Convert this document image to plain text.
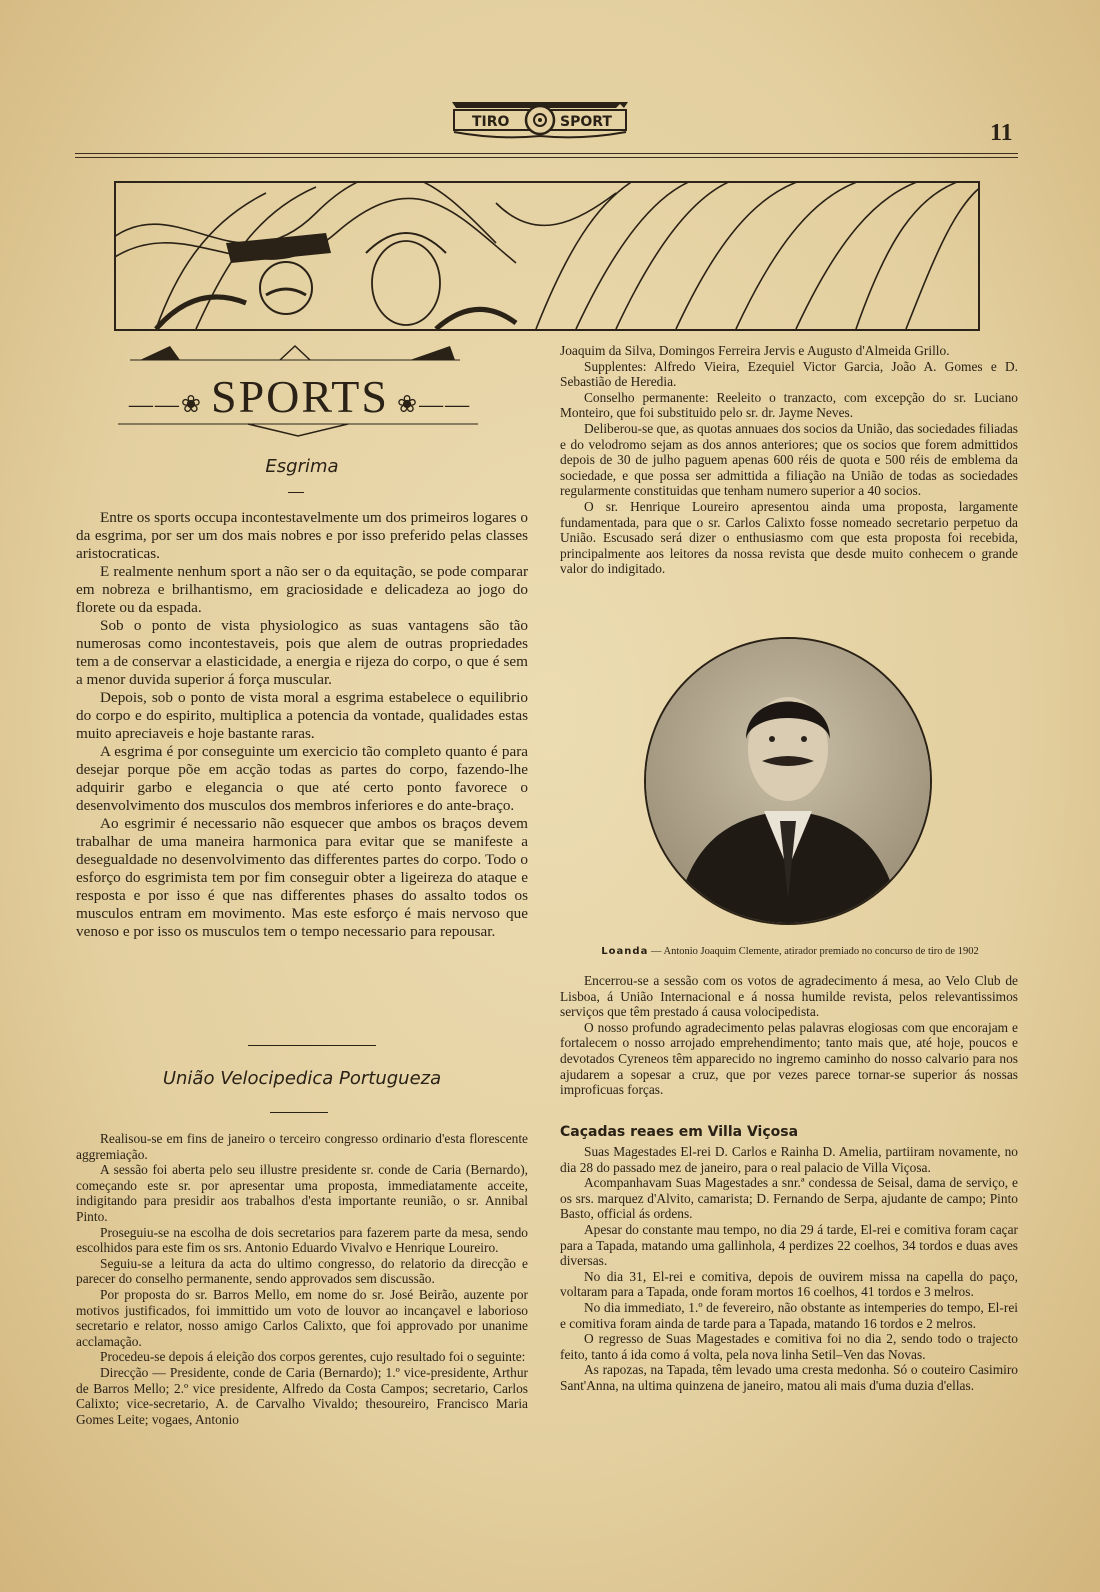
TIRO	SPORT	11
——❀ SPORTS ❀——
Esgrima

Entre os sports occupa incontestavelmente um dos primeiros logares o da esgrima, por ser um dos mais nobres e por isso preferido pelas classes aristocraticas.

E realmente nenhum sport a não ser o da equitação, se pode comparar em nobreza e brilhantismo, em graciosidade e delicadeza ao jogo do florete ou da espada.

Sob o ponto de vista physiologico as suas vantagens são tão numerosas como incontestaveis, pois que alem de outras propriedades tem a de conservar a elasticidade, a energia e rijeza do corpo, o que é sem a menor duvida superior á força muscular.

Depois, sob o ponto de vista moral a esgrima estabelece o equilibrio do corpo e do espirito, multiplica a potencia da vontade, qualidades estas muito apreciaveis e hoje bastante raras.

A esgrima é por conseguinte um exercicio tão completo quanto é para desejar porque põe em acção todas as partes do corpo, fazendo-lhe adquirir garbo e elegancia o que até certo ponto favorece o desenvolvimento dos musculos dos membros inferiores e do ante-braço.

Ao esgrimir é necessario não esquecer que ambos os braços devem trabalhar de uma maneira harmonica para evitar que se manifeste a desegualdade no desenvolvimento das differentes partes do corpo. Todo o esforço do esgrimista tem por fim conseguir obter a ligeireza do ataque e resposta e por isso é que nas differentes phases do assalto todos os musculos entram em movimento. Mas este esforço é mais nervoso que venoso e por isso os musculos tem o tempo necessario para repousar.

União Velocipedica Portugueza

Realisou-se em fins de janeiro o terceiro congresso ordinario d'esta florescente aggremiação.

A sessão foi aberta pelo seu illustre presidente sr. conde de Caria (Bernardo), começando este sr. por apresentar uma proposta, immediatamente acceite, indigitando para presidir aos trabalhos d'esta importante reunião, o sr. Annibal Pinto.

Proseguiu-se na escolha de dois secretarios para fazerem parte da mesa, sendo escolhidos para este fim os srs. Antonio Eduardo Vivalvo e Henrique Loureiro.

Seguiu-se a leitura da acta do ultimo congresso, do relatorio da direcção e parecer do conselho permanente, sendo approvados sem discussão.

Por proposta do sr. Barros Mello, em nome do sr. José Beirão, auzente por motivos justificados, foi immittido um voto de louvor ao incançavel e laborioso secretario e relator, nosso amigo Carlos Calixto, que foi approvado por unanime acclamação.

Procedeu-se depois á eleição dos corpos gerentes, cujo resultado foi o seguinte:

Direcção — Presidente, conde de Caria (Bernardo); 1.º vice-presidente, Arthur de Barros Mello; 2.º vice presidente, Alfredo da Costa Campos; secretario, Carlos Calixto; vice-secretario, A. de Carvalho Vivaldo; thesoureiro, Francisco Maria Gomes Leite; vogaes, Antonio

Joaquim da Silva, Domingos Ferreira Jervis e Augusto d'Almeida Grillo.

Supplentes: Alfredo Vieira, Ezequiel Victor Garcia, João A. Gomes e D. Sebastião de Heredia.

Conselho permanente: Reeleito o tranzacto, com excepção do sr. Luciano Monteiro, que foi substituido pelo sr. dr. Jayme Neves.

Deliberou-se que, as quotas annuaes dos socios da União, das sociedades filiadas e do velodromo sejam as dos annos anteriores; que os socios que forem admittidos depois de 30 de julho paguem apenas 600 réis de quota e 500 réis de emblema da sociedade, e que possa ser admittida a filiação na União de todas as sociedades regularmente constituidas que tenham numero superior a 40 socios.

O sr. Henrique Loureiro apresentou ainda uma proposta, largamente fundamentada, para que o sr. Carlos Calixto fosse nomeado secretario perpetuo da União. Escusado será dizer o enthusiasmo com que esta proposta foi recebida, principalmente aos leitores da nossa revista que desde muito conhecem o grande valor do indigitado.

Loanda — Antonio Joaquim Clemente, atirador premiado no concurso de tiro de 1902

Encerrou-se a sessão com os votos de agradecimento á mesa, ao Velo Club de Lisboa, á União Internacional e á nossa humilde revista, pelos relevantissimos serviços que têm prestado á causa volocipedista.

O nosso profundo agradecimento pelas palavras elogiosas com que encorajam e fortalecem o nosso arrojado emprehendimento; tanto mais que, até hoje, poucos e devotados Cyreneos têm apparecido no ingremo caminho do nosso calvario para nos ajudarem a sopesar a cruz, que por vezes parece tornar-se superior ás nossas improficuas forças.

Caçadas reaes em Villa Viçosa

Suas Magestades El-rei D. Carlos e Rainha D. Amelia, partiiram novamente, no dia 28 do passado mez de janeiro, para o real palacio de Villa Viçosa.

Acompanhavam Suas Magestades a snr.ª condessa de Seisal, dama de serviço, e os srs. marquez d'Alvito, camarista; D. Fernando de Serpa, ajudante de campo; Pinto Basto, official ás ordens.

Apesar do constante mau tempo, no dia 29 á tarde, El-rei e comitiva foram caçar para a Tapada, matando uma gallinhola, 4 perdizes 22 coelhos, 34 tordos e duas aves diversas.

No dia 31, El-rei e comitiva, depois de ouvirem missa na capella do paço, voltaram para a Tapada, onde foram mortos 16 coelhos, 41 tordos e 3 melros.

No dia immediato, 1.º de fevereiro, não obstante as intemperies do tempo, El-rei e comitiva foram ainda de tarde para a Tapada, matando 16 tordos e 2 melros.

O regresso de Suas Magestades e comitiva foi no dia 2, sendo todo o trajecto feito, tanto á ida como á volta, pela nova linha Setil–Ven das Novas.

As rapozas, na Tapada, têm levado uma cresta medonha. Só o couteiro Casimiro Sant'Anna, na ultima quinzena de janeiro, matou ali mais d'uma duzia d'ellas.
